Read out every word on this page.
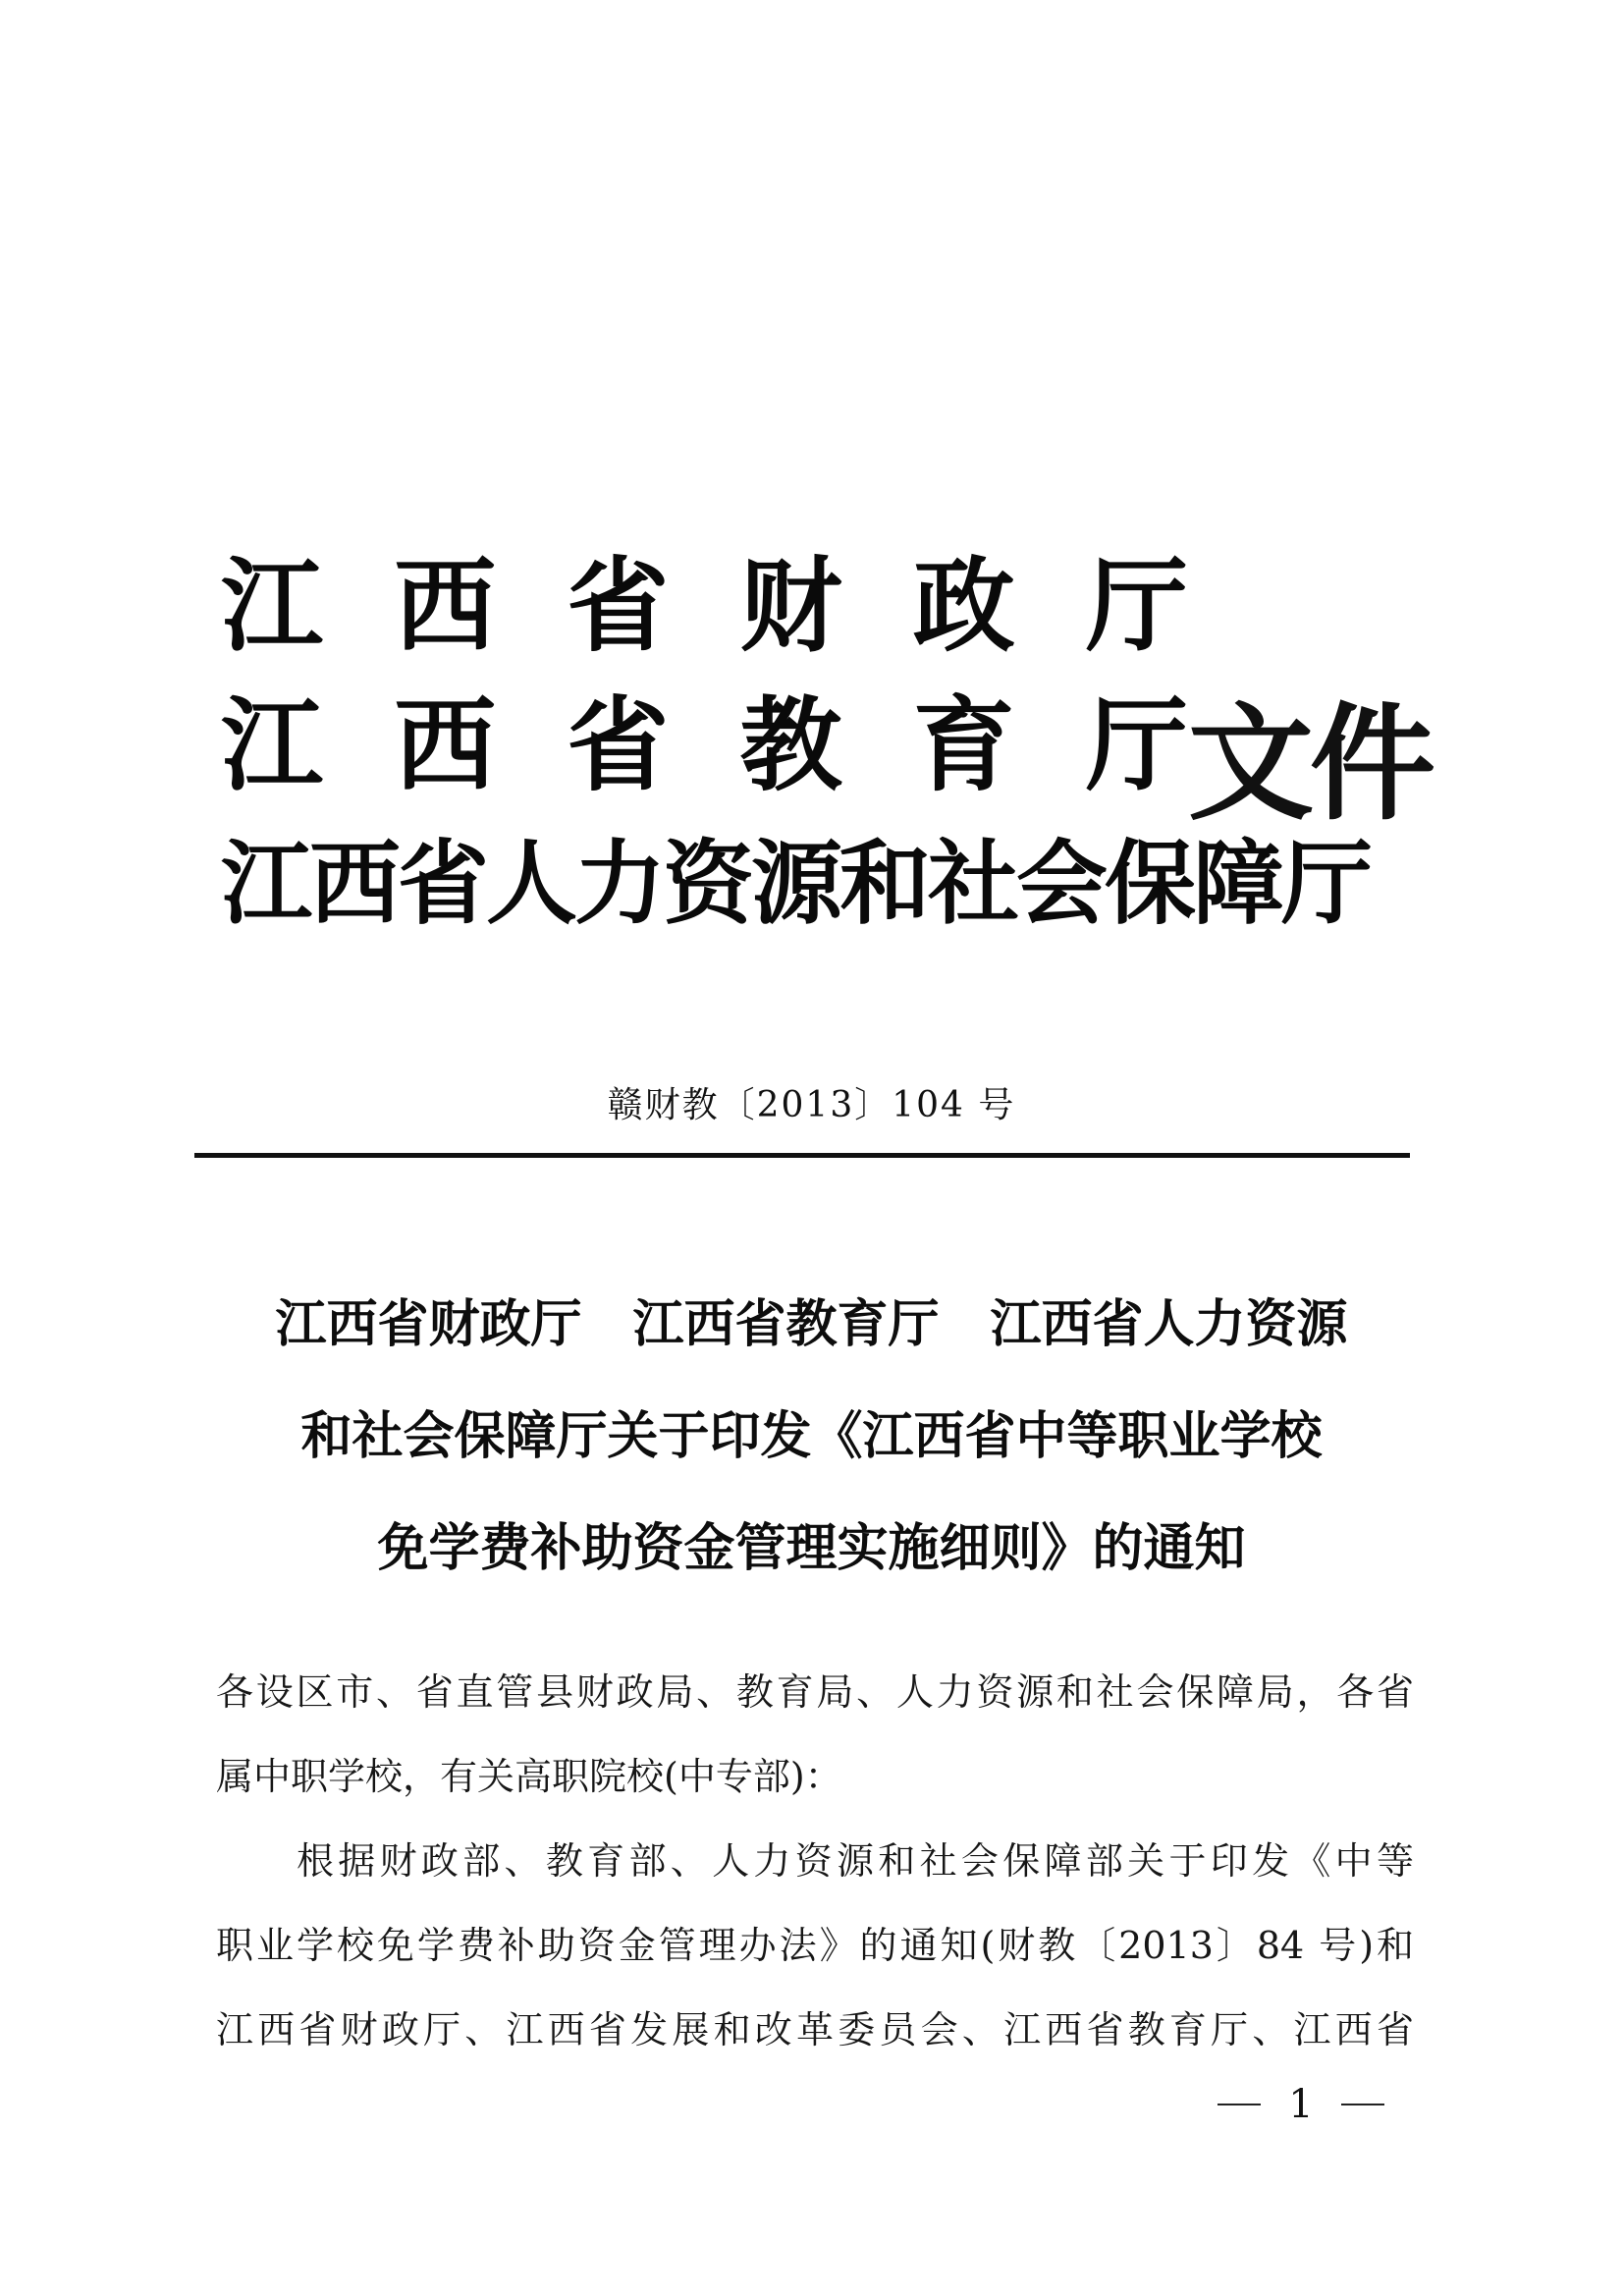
江 西 省 财 政 厅
江 西 省 教 育 厅
江西省人力资源和社会保障厅
文件
赣财教〔2013〕104 号
江西省财政厅　江西省教育厅　江西省人力资源
和社会保障厅关于印发《江西省中等职业学校
免学费补助资金管理实施细则》的通知
各设区市、省直管县财政局、教育局、人力资源和社会保障局，各省
属中职学校，有关高职院校(中专部)：
根据财政部、教育部、人力资源和社会保障部关于印发《中等
职业学校免学费补助资金管理办法》的通知(财教〔2013〕84 号)和
江西省财政厅、江西省发展和改革委员会、江西省教育厅、江西省
1
